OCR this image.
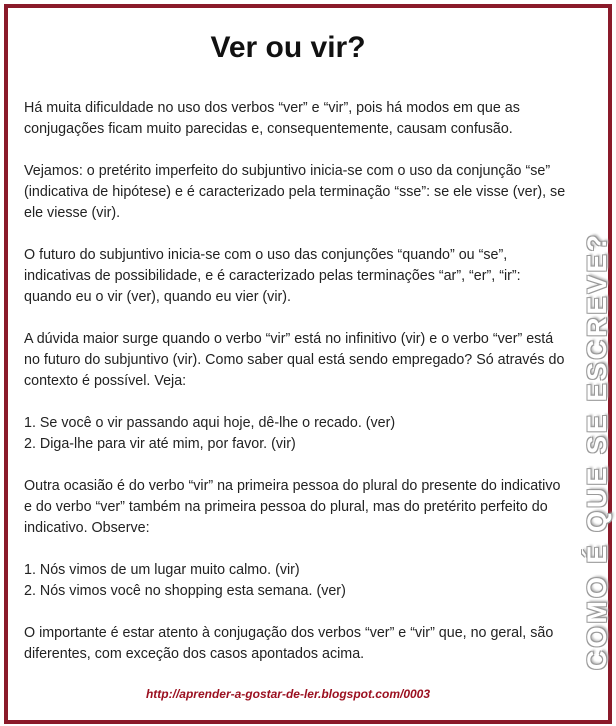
Ver ou vir?

Há muita dificuldade no uso dos verbos “ver” e “vir”, pois há modos em que as conjugações ficam muito parecidas e, consequentemente, causam confusão.

Vejamos: o pretérito imperfeito do subjuntivo inicia-se com o uso da conjunção “se” (indicativa de hipótese) e é caracterizado pela terminação “sse”: se ele visse (ver), se ele viesse (vir).

O futuro do subjuntivo inicia-se com o uso das conjunções “quando” ou “se”, indicativas de possibilidade, e é caracterizado pelas terminações “ar”, “er”, “ir”: quando eu o vir (ver), quando eu vier (vir).

A dúvida maior surge quando o verbo “vir” está no infinitivo (vir) e o verbo “ver” está no futuro do subjuntivo (vir). Como saber qual está sendo empregado? Só através do contexto é possível. Veja:

1. Se você o vir passando aqui hoje, dê-lhe o recado. (ver)
2. Diga-lhe para vir até mim, por favor. (vir)

Outra ocasião é do verbo “vir” na primeira pessoa do plural do presente do indicativo e do verbo “ver” também na primeira pessoa do plural, mas do pretérito perfeito do indicativo. Observe:

1. Nós vimos de um lugar muito calmo. (vir)
2. Nós vimos você no shopping esta semana. (ver)

O importante é estar atento à conjugação dos verbos “ver” e “vir” que, no geral, são diferentes, com exceção dos casos apontados acima.

http://aprender-a-gostar-de-ler.blogspot.com/0003
COMO É QUE SE ESCREVE?
